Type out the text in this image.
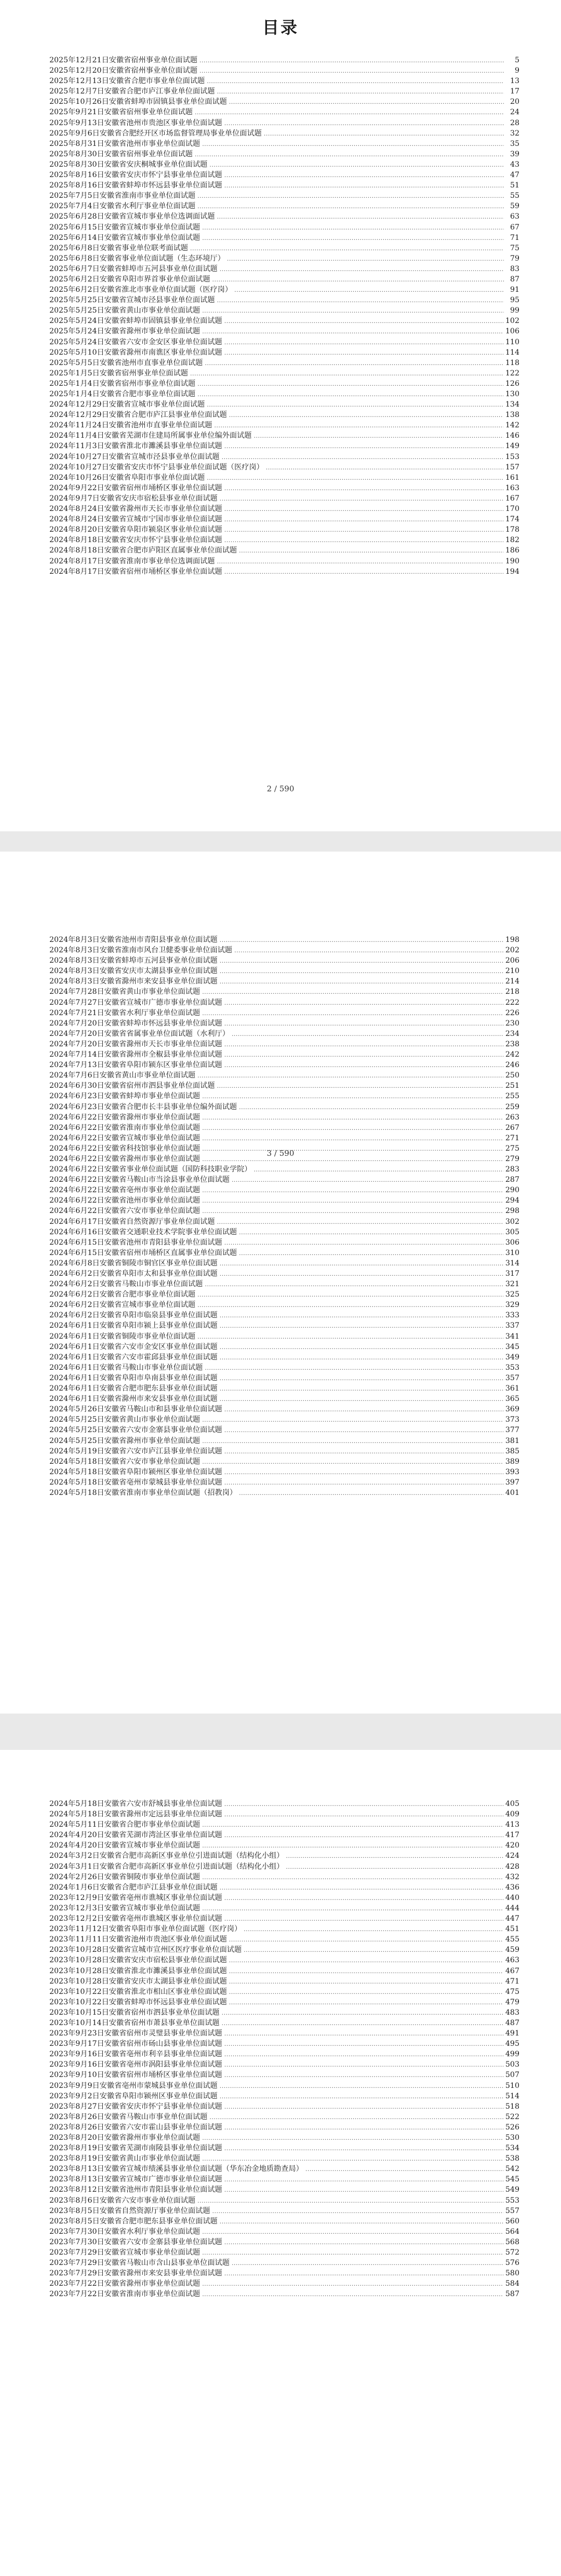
目录
2025年12月21日安徽省宿州事业单位面试题 . . .	5
2025年12月20日安徽省宿州事业单位面试题 . . .	9
2025年12月13日安徽省合肥市事业单位面试题 . . .	13
2025年12月7日安徽省合肥市庐江事业单位面试题 . . .	17
2025年10月26日安徽省蚌埠市固镇县事业单位面试题 . . .	20
2025年9月21日安徽省宿州事业单位面试题 . . .	24
2025年9月13日安徽省池州市贵池区事业单位面试题 . . .	28
2025年9月6日安徽省合肥经开区市场监督管理局事业单位面试题 . . .	32
2025年8月31日安徽省池州市事业单位面试题 . . .	35
2025年8月30日安徽省宿州事业单位面试题 . . .	39
2025年8月30日安徽省安庆桐城事业单位面试题 . . .	43
2025年8月16日安徽省安庆市怀宁县事业单位面试题 . . .	47
2025年8月16日安徽省蚌埠市怀远县事业单位面试题 . . .	51
2025年7月5日安徽省淮南市事业单位面试题 . . .	55
2025年7月4日安徽省水利厅事业单位面试题 . . .	59
2025年6月28日安徽省宣城市事业单位选调面试题 . . .	63
2025年6月15日安徽省宣城市事业单位面试题 . . .	67
2025年6月14日安徽省宣城市事业单位面试题 . . .	71
2025年6月8日安徽省事业单位联考面试题 . . .	75
2025年6月8日安徽省事业单位面试题（生态环境厅） . . .	79
2025年6月7日安徽省蚌埠市五河县事业单位面试题 . . .	83
2025年6月2日安徽省阜阳市界首事业单位面试题 . . .	87
2025年6月2日安徽省淮北市事业单位面试题（医疗岗） . . .	91
2025年5月25日安徽省宣城市泾县事业单位面试题 . . .	95
2025年5月25日安徽省黄山市事业单位面试题 . . .	99
2025年5月24日安徽省蚌埠市固镇县事业单位面试题 . . .	102
2025年5月24日安徽省滁州市事业单位面试题 . . .	106
2025年5月24日安徽省六安市金安区事业单位面试题 . . .	110
2025年5月10日安徽省滁州市南谯区事业单位面试题 . . .	114
2025年5月5日安徽省池州市直事业单位面试题 . . .	118
2025年1月5日安徽省宿州事业单位面试题 . . .	122
2025年1月4日安徽省宿州市事业单位面试题 . . .	126
2025年1月4日安徽省合肥市事业单位面试题 . . .	130
2024年12月29日安徽省宣城市事业单位面试题 . . .	134
2024年12月29日安徽省合肥市庐江县事业单位面试题 . . .	138
2024年11月24日安徽省池州市直事业单位面试题 . . .	142
2024年11月4日安徽省芜湖市住建局所属事业单位编外面试题 . . .	146
2024年11月3日安徽省淮北市濉溪县事业单位面试题 . . .	149
2024年10月27日安徽省宣城市泾县事业单位面试题 . . .	153
2024年10月27日安徽省安庆市怀宁县事业单位面试题（医疗岗） . . .	157
2024年10月26日安徽省阜阳市事业单位面试题 . . .	161
2024年9月22日安徽省宿州市埇桥区事业单位面试题 . . .	163
2024年9月7日安徽省安庆市宿松县事业单位面试题 . . .	167
2024年8月24日安徽省滁州市天长市事业单位面试题 . . .	170
2024年8月24日安徽省宣城市宁国市事业单位面试题 . . .	174
2024年8月20日安徽省阜阳市颍泉区事业单位面试题 . . .	178
2024年8月18日安徽省安庆市怀宁县事业单位面试题 . . .	182
2024年8月18日安徽省合肥市庐阳区直属事业单位面试题 . . .	186
2024年8月17日安徽省淮南市事业单位选调面试题 . . .	190
2024年8月17日安徽省宿州市埇桥区事业单位面试题 . . .	194
2 / 590
2024年8月3日安徽省池州市青阳县事业单位面试题 . . .	198
2024年8月3日安徽省淮南市风台卫健委事业单位面试题 . . .	202
2024年8月3日安徽省蚌埠市五河县事业单位面试题 . . .	206
2024年8月3日安徽省安庆市太湖县事业单位面试题 . . .	210
2024年8月3日安徽省滁州市来安县事业单位面试题 . . .	214
2024年7月28日安徽省黄山市事业单位面试题 . . .	218
2024年7月27日安徽省宣城市广德市事业单位面试题 . . .	222
2024年7月21日安徽省水利厅事业单位面试题 . . .	226
2024年7月20日安徽省蚌埠市怀远县事业单位面试题 . . .	230
2024年7月20日安徽省省属事业单位面试题（水利厅） . . .	234
2024年7月20日安徽省滁州市天长市事业单位面试题 . . .	238
2024年7月14日安徽省滁州市全椒县事业单位面试题 . . .	242
2024年7月13日安徽省阜阳市颍东区事业单位面试题 . . .	246
2024年7月6日安徽省黄山市事业单位面试题 . . .	250
2024年6月30日安徽省宿州市泗县事业单位面试题 . . .	251
2024年6月23日安徽省蚌埠市事业单位面试题 . . .	255
2024年6月23日安徽省合肥市长丰县事业单位编外面试题 . . .	259
2024年6月22日安徽省滁州市事业单位面试题 . . .	263
2024年6月22日安徽省淮南市事业单位面试题 . . .	267
2024年6月22日安徽省宣城市事业单位面试题 . . .	271
2024年6月22日安徽省科技馆事业单位面试题 . . .	275
2024年6月22日安徽省滁州市事业单位面试题 . . .	279
2024年6月22日安徽省事业单位面试题（国防科技职业学院） . . .	283
2024年6月22日安徽省马鞍山市当涂县事业单位面试题 . . .	287
2024年6月22日安徽省亳州市事业单位面试题 . . .	290
2024年6月22日安徽省池州市事业单位面试题 . . .	294
2024年6月22日安徽省六安市事业单位面试题 . . .	298
2024年6月17日安徽省自然资源厅事业单位面试题 . . .	302
2024年6月16日安徽省交通职业技术学院事业单位面试题 . . .	305
2024年6月15日安徽省池州市青阳县事业单位面试题 . . .	306
2024年6月15日安徽省宿州市埇桥区直属事业单位面试题 . . .	310
2024年6月8日安徽省铜陵市铜官区事业单位面试题 . . .	314
2024年6月2日安徽省阜阳市太和县事业单位面试题 . . .	317
2024年6月2日安徽省马鞍山市事业单位面试题 . . .	321
2024年6月2日安徽省合肥市事业单位面试题 . . .	325
2024年6月2日安徽省宣城市事业单位面试题 . . .	329
2024年6月2日安徽省阜阳市临泉县事业单位面试题 . . .	333
2024年6月1日安徽省阜阳市颍上县事业单位面试题 . . .	337
2024年6月1日安徽省铜陵市事业单位面试题 . . .	341
2024年6月1日安徽省六安市金安区事业单位面试题 . . .	345
2024年6月1日安徽省六安市霍邱县事业单位面试题 . . .	349
2024年6月1日安徽省马鞍山市事业单位面试题 . . .	353
2024年6月1日安徽省阜阳市阜南县事业单位面试题 . . .	357
2024年6月1日安徽省合肥市肥东县事业单位面试题 . . .	361
2024年6月1日安徽省滁州市来安县事业单位面试题 . . .	365
2024年5月26日安徽省马鞍山市和县事业单位面试题 . . .	369
2024年5月25日安徽省黄山市事业单位面试题 . . .	373
2024年5月25日安徽省六安市金寨县事业单位面试题 . . .	377
2024年5月25日安徽省滁州市事业单位面试题 . . .	381
2024年5月19日安徽省六安市庐江县事业单位面试题 . . .	385
2024年5月18日安徽省六安市事业单位面试题 . . .	389
2024年5月18日安徽省阜阳市颍州区事业单位面试题 . . .	393
2024年5月18日安徽省亳州市蒙城县事业单位面试题 . . .	397
2024年5月18日安徽省淮南市事业单位面试题（招教岗） . . .	401
3 / 590
2024年5月18日安徽省六安市舒城县事业单位面试题 . . .	405
2024年5月18日安徽省滁州市定远县事业单位面试题 . . .	409
2024年5月11日安徽省合肥市事业单位面试题 . . .	413
2024年4月20日安徽省芜湖市湾沚区事业单位面试题 . . .	417
2024年4月20日安徽省宣城市事业单位面试题 . . .	420
2024年3月2日安徽省合肥市高新区事业单位引进面试题（结构化小组） . . .	424
2024年3月1日安徽省合肥市高新区事业单位引进面试题（结构化小组） . . .	428
2024年2月26日安徽省铜陵市事业单位面试题 . . .	432
2024年1月6日安徽省合肥市庐江县事业单位面试题 . . .	436
2023年12月9日安徽省亳州市谯城区事业单位面试题 . . .	440
2023年12月3日安徽省宣城市事业单位面试题 . . .	444
2023年12月2日安徽省亳州市谯城区事业单位面试题 . . .	447
2023年11月12日安徽省阜阳市事业单位面试题（医疗岗） . . .	451
2023年11月11日安徽省池州市贵池区事业单位面试题 . . .	455
2023年10月28日安徽省宣城市宣州区医疗事业单位面试题 . . .	459
2023年10月28日安徽省安庆市宿松县事业单位面试题 . . .	463
2023年10月28日安徽省淮北市濉溪县事业单位面试题 . . .	467
2023年10月28日安徽省安庆市太湖县事业单位面试题 . . .	471
2023年10月22日安徽省淮北市相山区事业单位面试题 . . .	475
2023年10月22日安徽省蚌埠市怀远县事业单位面试题 . . .	479
2023年10月15日安徽省宿州市泗县事业单位面试题 . . .	483
2023年10月14日安徽省宿州市萧县事业单位面试题 . . .	487
2023年9月23日安徽省宿州市灵璧县事业单位面试题 . . .	491
2023年9月17日安徽省宿州市砀山县事业单位面试题 . . .	495
2023年9月16日安徽省亳州市利辛县事业单位面试题 . . .	499
2023年9月16日安徽省亳州市涡阳县事业单位面试题 . . .	503
2023年9月10日安徽省宿州市埇桥区事业单位面试题 . . .	507
2023年9月9日安徽省亳州市蒙城县事业单位面试题 . . .	510
2023年9月2日安徽省阜阳市颍州区事业单位面试题 . . .	514
2023年8月27日安徽省安庆市怀宁县事业单位面试题 . . .	518
2023年8月26日安徽省马鞍山市事业单位面试题 . . .	522
2023年8月26日安徽省六安市霍山县事业单位面试题 . . .	526
2023年8月20日安徽省滁州市事业单位面试题 . . .	530
2023年8月19日安徽省芜湖市南陵县事业单位面试题 . . .	534
2023年8月19日安徽省黄山市事业单位面试题 . . .	538
2023年8月13日安徽省宣城市绩溪县事业单位面试题（华东冶金地质勘查局） . . .	542
2023年8月13日安徽省宣城市广德市事业单位面试题 . . .	545
2023年8月12日安徽省池州市青阳县事业单位面试题 . . .	549
2023年8月6日安徽省六安市事业单位面试题 . . .	553
2023年8月5日安徽省自然资源厅事业单位面试题 . . .	557
2023年8月5日安徽省合肥市肥东县事业单位面试题 . . .	560
2023年7月30日安徽省水利厅事业单位面试题 . . .	564
2023年7月30日安徽省六安市金寨县事业单位面试题 . . .	568
2023年7月29日安徽省宣城市事业单位面试题 . . .	572
2023年7月29日安徽省马鞍山市含山县事业单位面试题 . . .	576
2023年7月29日安徽省滁州市来安县事业单位面试题 . . .	580
2023年7月22日安徽省滁州市事业单位面试题 . . .	584
2023年7月22日安徽省淮南市事业单位面试题 . . .	587
